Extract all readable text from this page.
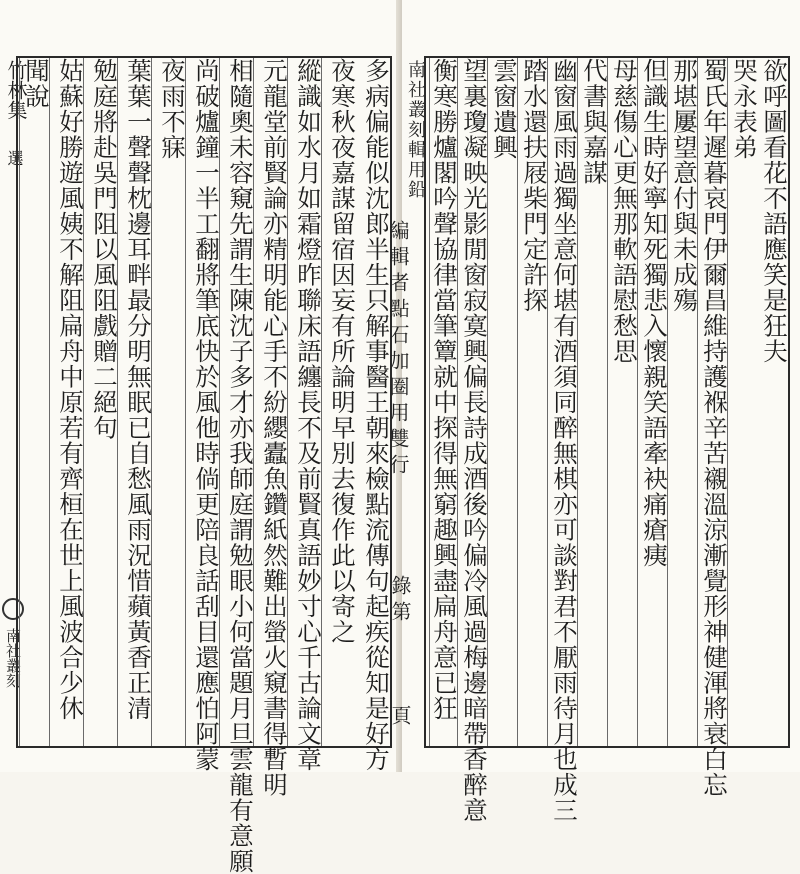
竹林集
選
南社叢刻	多病偏能似沈郎半生只解事醫王朝來檢點流傳句起疾從知是好方
夜寒秋夜嘉謀留宿因妄有所論明早別去復作此以寄之
縱識如水月如霜燈昨聯床語纏長不及前賢真語妙寸心千古論文章
元龍堂前賢論亦精明能心手不紛纓蠹魚鑽紙然難出螢火窺書得暫明
相隨奧未容窺先謂生陳沈子多才亦我師庭謂勉眼小何當題月旦雲龍有意願
尚破爐鐘一半工翻將筆底快於風他時倘更陪良話刮目還應怕阿蒙
夜雨不寐
葉葉一聲聲枕邊耳畔最分明無眠已自愁風雨況惜蘋黃香正清
勉庭將赴吳門阻以風阻戲贈二絕句
姑蘇好勝遊風姨不解阻扁舟中原若有齊桓在世上風波合少休
聞說	南社叢刻輯用鉛	欲呼圖看花不語應笑是狂夫
哭永表弟
蜀氏年遲暮哀門伊爾昌維持護褓辛苦襯溫涼漸覺形神健渾將衰白忘
那堪屢望意付與未成殤
但識生時好寧知死獨悲入懷親笑語牽袂痛瘡痍
母慈傷心更無那軟語慰愁思
代書與嘉謀
幽窗風雨過獨坐意何堪有酒須同醉無棋亦可談對君不厭雨待月也成三
踏水還扶屐柴門定許探
雲窗遺興
望裏瓊凝映光影閒窗寂寞興偏長詩成酒後吟偏冷風過梅邊暗帶香醉意
衡寒勝爐閣吟聲協律當筆簟就中探得無窮趣興盡扁舟意已狂
編輯者點石加圈用雙行
錄第
頁
